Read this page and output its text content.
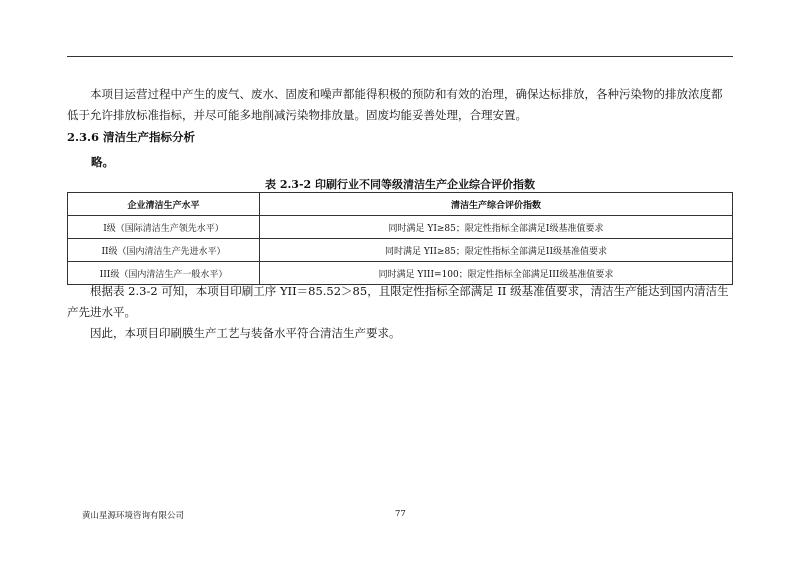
本项目运营过程中产生的废气、废水、固废和噪声都能得积极的预防和有效的治理，确保达标排放，各种污染物的排放浓度都低于允许排放标准指标，并尽可能多地削减污染物排放量。固废均能妥善处理，合理安置。

2.3.6 清洁生产指标分析

略。

表 2.3-2 印刷行业不同等级清洁生产企业综合评价指数

企业清洁生产水平	清洁生产综合评价指数
I级（国际清洁生产领先水平）	同时满足 YI≥85；限定性指标全部满足I级基准值要求
II级（国内清洁生产先进水平）	同时满足 YII≥85；限定性指标全部满足II级基准值要求
III级（国内清洁生产一般水平）	同时满足 YIII=100；限定性指标全部满足III级基准值要求

根据表 2.3-2 可知，本项目印刷工序 YII＝85.52＞85，且限定性指标全部满足 II 级基准值要求，清洁生产能达到国内清洁生产先进水平。

因此，本项目印刷膜生产工艺与装备水平符合清洁生产要求。

黄山星源环境咨询有限公司	77
